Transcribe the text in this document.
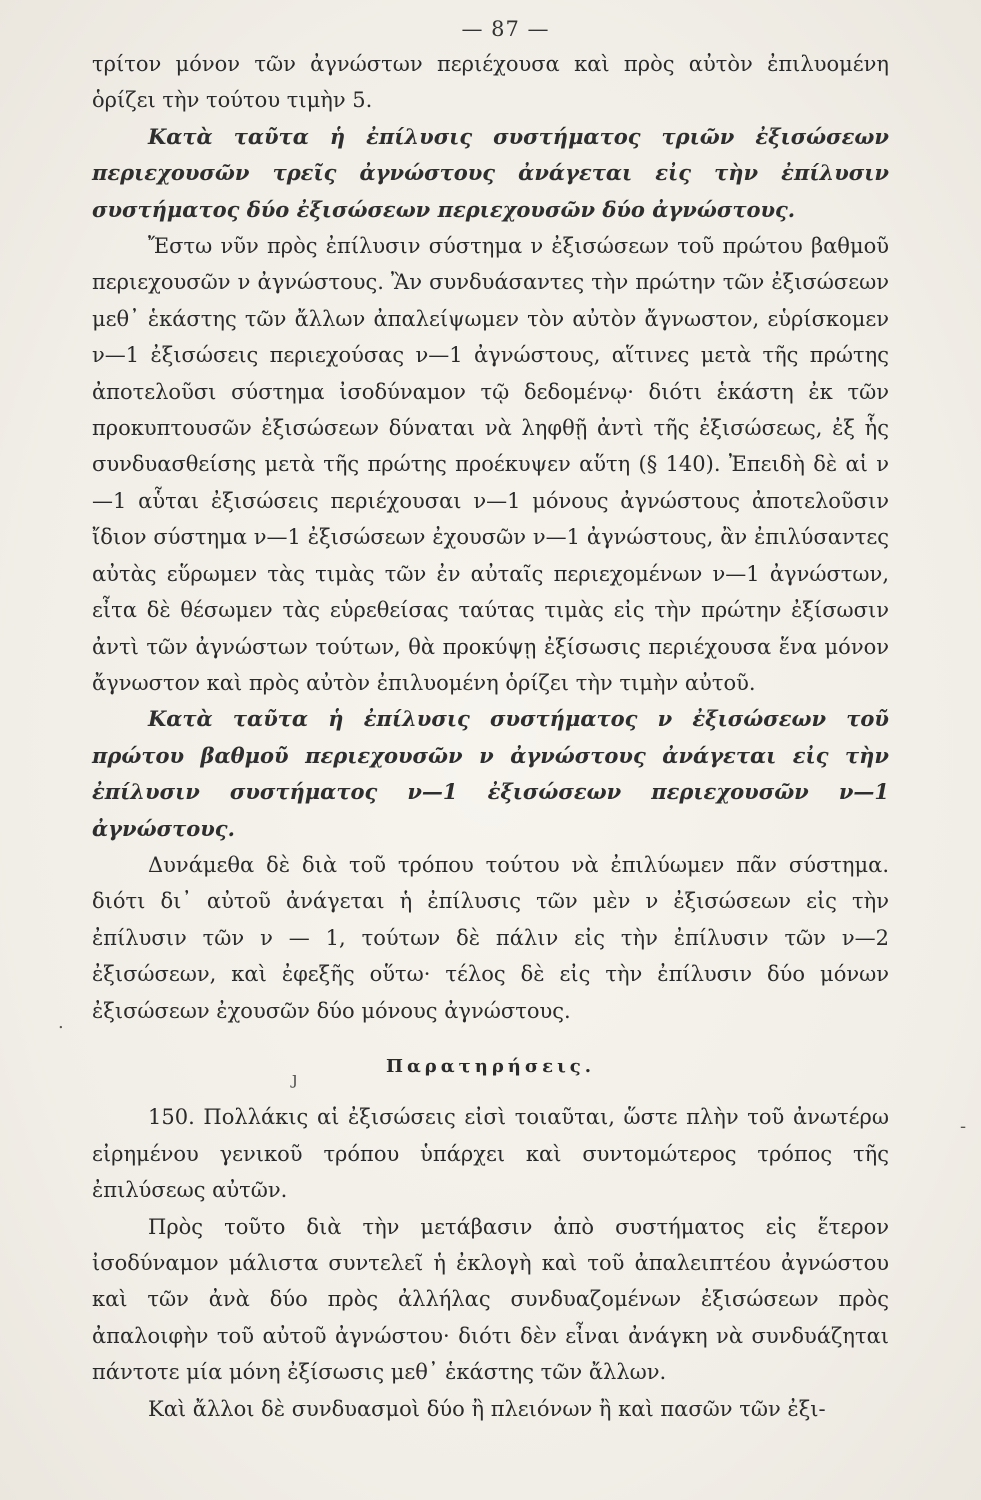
— 87 —

τρίτον μόνον τῶν ἀγνώστων περιέχουσα καὶ πρὸς αὐτὸν ἐπιλυομένη ὁρίζει τὴν τούτου τιμὴν 5.

Κατὰ ταῦτα ἡ ἐπίλυσις συστήματος τριῶν ἐξισώσεων περιεχουσῶν τρεῖς ἀγνώστους ἀνάγεται εἰς τὴν ἐπίλυσιν συστήματος δύο ἐξισώσεων περιεχουσῶν δύο ἀγνώστους.

Ἔστω νῦν πρὸς ἐπίλυσιν σύστημα ν ἐξισώσεων τοῦ πρώτου βαθμοῦ περιεχουσῶν ν ἀγνώστους. Ἂν συνδυάσαντες τὴν πρώτην τῶν ἐξισώσεων μεθ᾽ ἑκάστης τῶν ἄλλων ἀπαλείψωμεν τὸν αὐτὸν ἄγνωστον, εὑρίσκομεν ν—1 ἐξισώσεις περιεχούσας ν—1 ἀγνώστους, αἵτινες μετὰ τῆς πρώτης ἀποτελοῦσι σύστημα ἰσοδύναμον τῷ δεδομένῳ· διότι ἑκάστη ἐκ τῶν προκυπτουσῶν ἐξισώσεων δύναται νὰ ληφθῇ ἀντὶ τῆς ἐξισώσεως, ἐξ ἧς συνδυασθείσης μετὰ τῆς πρώτης προέκυψεν αὕτη (§ 140). Ἐπειδὴ δὲ αἱ ν—1 αὗται ἐξισώσεις περιέχουσαι ν—1 μόνους ἀγνώστους ἀποτελοῦσιν ἴδιον σύστημα ν—1 ἐξισώσεων ἐχουσῶν ν—1 ἀγνώστους, ἂν ἐπιλύσαντες αὐτὰς εὕρωμεν τὰς τιμὰς τῶν ἐν αὐταῖς περιεχομένων ν—1 ἀγνώστων, εἶτα δὲ θέσωμεν τὰς εὑρεθείσας ταύτας τιμὰς εἰς τὴν πρώτην ἐξίσωσιν ἀντὶ τῶν ἀγνώστων τούτων, θὰ προκύψῃ ἐξίσωσις περιέχουσα ἕνα μόνον ἄγνωστον καὶ πρὸς αὐτὸν ἐπιλυομένη ὁρίζει τὴν τιμὴν αὐτοῦ.

Κατὰ ταῦτα ἡ ἐπίλυσις συστήματος ν ἐξισώσεων τοῦ πρώτου βαθμοῦ περιεχουσῶν ν ἀγνώστους ἀνάγεται εἰς τὴν ἐπίλυσιν συστήματος ν—1 ἐξισώσεων περιεχουσῶν ν—1 ἀγνώστους.

Δυνάμεθα δὲ διὰ τοῦ τρόπου τούτου νὰ ἐπιλύωμεν πᾶν σύστημα. διότι δι᾽ αὐτοῦ ἀνάγεται ἡ ἐπίλυσις τῶν μὲν ν ἐξισώσεων εἰς τὴν ἐπίλυσιν τῶν ν — 1, τούτων δὲ πάλιν εἰς τὴν ἐπίλυσιν τῶν ν—2 ἐξισώσεων, καὶ ἐφεξῆς οὕτω· τέλος δὲ εἰς τὴν ἐπίλυσιν δύο μόνων ἐξισώσεων ἐχουσῶν δύο μόνους ἀγνώστους.

Παρατηρήσεις.

150. Πολλάκις αἱ ἐξισώσεις εἰσὶ τοιαῦται, ὥστε πλὴν τοῦ ἀνωτέρω εἰρημένου γενικοῦ τρόπου ὑπάρχει καὶ συντομώτερος τρόπος τῆς ἐπιλύσεως αὐτῶν.

Πρὸς τοῦτο διὰ τὴν μετάβασιν ἀπὸ συστήματος εἰς ἕτερον ἰσοδύναμον μάλιστα συντελεῖ ἡ ἐκλογὴ καὶ τοῦ ἀπαλειπτέου ἀγνώστου καὶ τῶν ἀνὰ δύο πρὸς ἀλλήλας συνδυαζομένων ἐξισώσεων πρὸς ἀπαλοιφὴν τοῦ αὐτοῦ ἀγνώστου· διότι δὲν εἶναι ἀνάγκη νὰ συνδυάζηται πάντοτε μία μόνη ἐξίσωσις μεθ᾽ ἑκάστης τῶν ἄλλων.

Καὶ ἄλλοι δὲ συνδυασμοὶ δύο ἢ πλειόνων ἢ καὶ πασῶν τῶν ἐξι-

.
ȷ
-
